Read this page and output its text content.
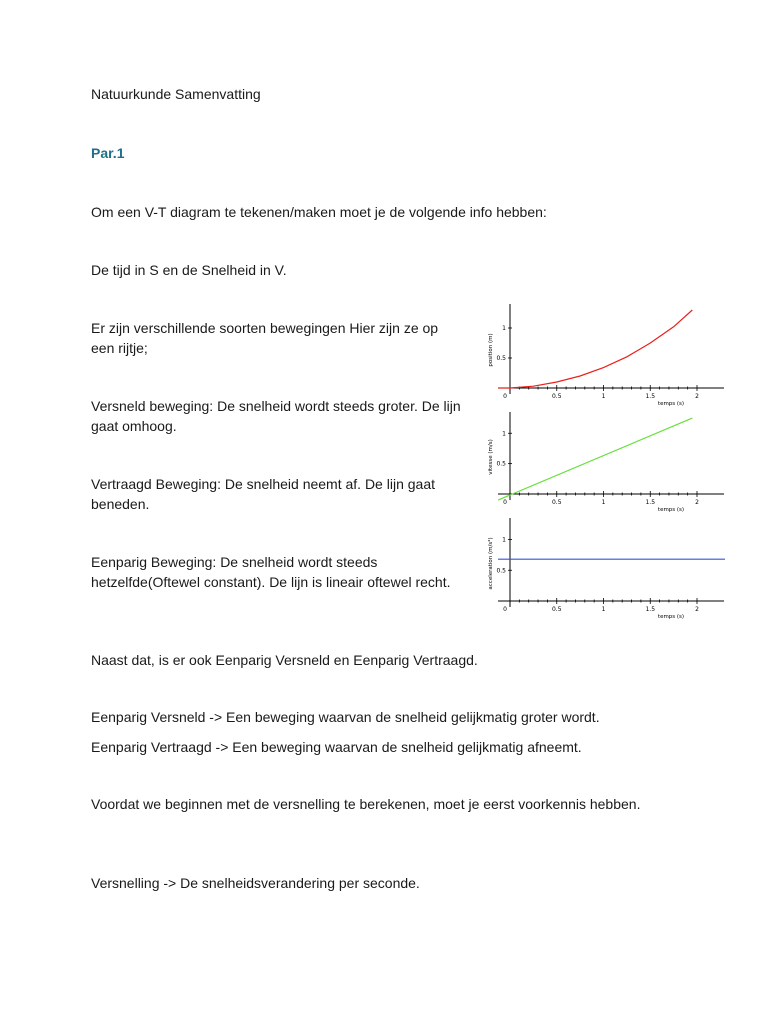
Natuurkunde Samenvatting

Par.1

Om een V-T diagram te tekenen/maken moet je de volgende info hebben:

De tijd in S en de Snelheid in V.

Er zijn verschillende soorten bewegingen Hier zijn ze op een rijtje;

Versneld beweging: De snelheid wordt steeds groter. De lijn gaat omhoog.

Vertraagd Beweging: De snelheid neemt af. De lijn gaat beneden.

Eenparig Beweging: De snelheid wordt steeds hetzelfde(Oftewel constant). De lijn is lineair oftewel recht.

Naast dat, is er ook Eenparig Versneld en Eenparig Vertraagd.

Eenparig Versneld -> Een beweging waarvan de snelheid gelijkmatig groter wordt.

Eenparig Vertraagd -> Een beweging waarvan de snelheid gelijkmatig afneemt.

Voordat we beginnen met de versnelling te berekenen, moet je eerst voorkennis hebben.

Versnelling -> De snelheidsverandering per seconde.

0	0.5	1	1.5	2
0.5
1
temps (s)
position (m)
0	0.5	1	1.5	2
0.5
1
temps (s)
vitesse (m/s)
0	0.5	1	1.5	2
0.5
1
temps (s)
acceleration (m/s²)
